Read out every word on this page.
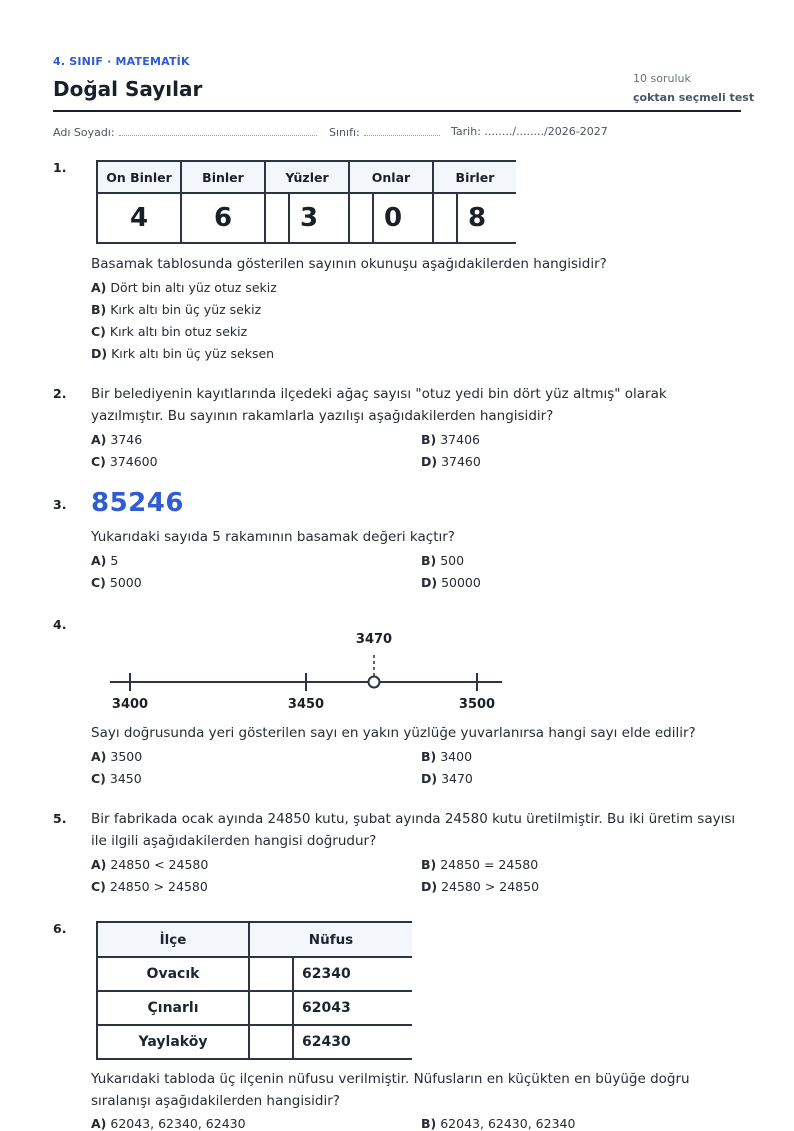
4. SINIF · MATEMATİK
Doğal Sayılar	10 soruluk
çoktan seçmeli test
Adı Soyadı:	Sınıfı:	Tarih: ......../......../2026-2027
1.
On Binler	Binler	Yüzler	Onlar	Birler
4	6	3	0	8
Basamak tablosunda gösterilen sayının okunuşu aşağıdakilerden hangisidir?
A) Dört bin altı yüz otuz sekiz
B) Kırk altı bin üç yüz sekiz
C) Kırk altı bin otuz sekiz
D) Kırk altı bin üç yüz seksen
2. Bir belediyenin kayıtlarında ilçedeki ağaç sayısı "otuz yedi bin dört yüz altmış" olarak yazılmıştır. Bu sayının rakamlarla yazılışı aşağıdakilerden hangisidir?
A) 3746	B) 37406
C) 374600	D) 37460
3. 85246
Yukarıdaki sayıda 5 rakamının basamak değeri kaçtır?
A) 5	B) 500
C) 5000	D) 50000
4.
3470
3400	3450	3500
Sayı doğrusunda yeri gösterilen sayı en yakın yüzlüğe yuvarlanırsa hangi sayı elde edilir?
A) 3500	B) 3400
C) 3450	D) 3470
5. Bir fabrikada ocak ayında 24850 kutu, şubat ayında 24580 kutu üretilmiştir. Bu iki üretim sayısı ile ilgili aşağıdakilerden hangisi doğrudur?
A) 24850 < 24580	B) 24850 = 24580
C) 24850 > 24580	D) 24580 > 24850
6.
İlçe	Nüfus	
Ovacık		62340
Çınarlı		62043
Yaylaköy		62430
Yukarıdaki tabloda üç ilçenin nüfusu verilmiştir. Nüfusların en küçükten en büyüğe doğru sıralanışı aşağıdakilerden hangisidir?
A) 62043, 62340, 62430	B) 62043, 62430, 62340
